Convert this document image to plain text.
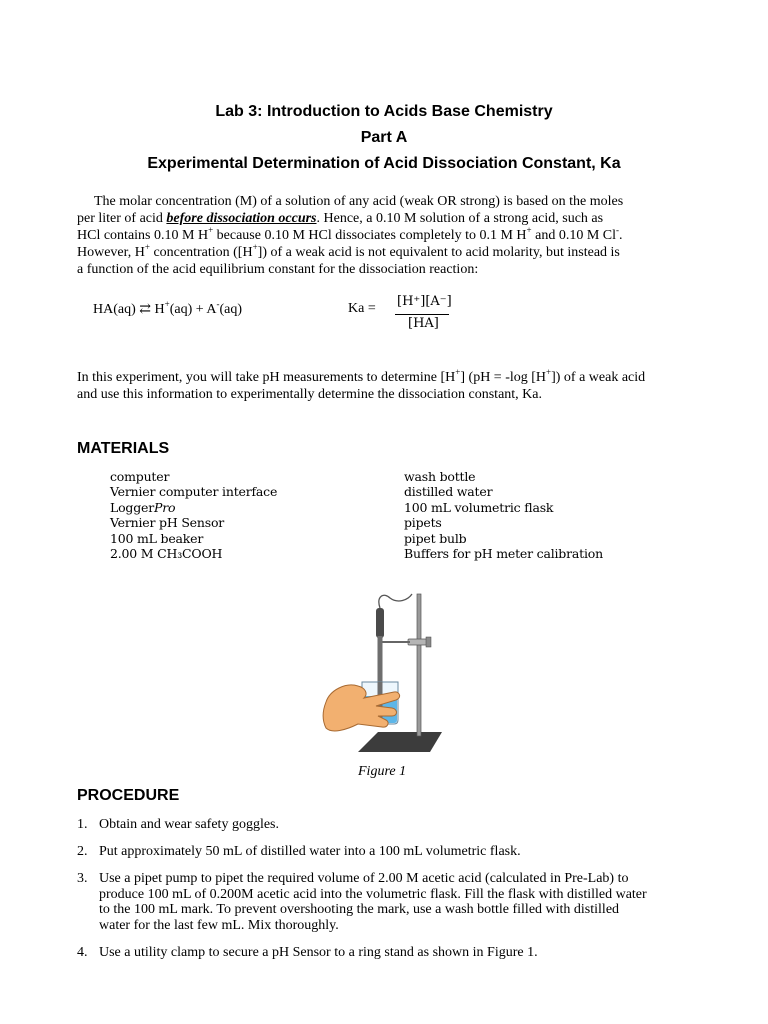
Lab 3: Introduction to Acids Base Chemistry
Part A
Experimental Determination of Acid Dissociation Constant, Ka
The molar concentration (M) of a solution of any acid (weak OR strong) is based on the moles
per liter of acid before dissociation occurs. Hence, a 0.10 M solution of a strong acid, such as
HCl contains 0.10 M H+ because 0.10 M HCl dissociates completely to 0.1 M H+ and 0.10 M Cl-.
However, H+ concentration ([H+]) of a weak acid is not equivalent to acid molarity, but instead is
a function of the acid equilibrium constant for the dissociation reaction:
HA(aq) ⇄ H+(aq) + A-(aq)	Ka = [H⁺][A⁻]
[HA]
In this experiment, you will take pH measurements to determine [H+] (pH = -log [H+]) of a weak acid
and use this information to experimentally determine the dissociation constant, Ka.
MATERIALS
computer
Vernier computer interface
LoggerPro
Vernier pH Sensor
100 mL beaker
2.00 M CH₃COOH
wash bottle
distilled water
100 mL volumetric flask
pipets
pipet bulb
Buffers for pH meter calibration
Figure 1
PROCEDURE
1. Obtain and wear safety goggles.
2. Put approximately 50 mL of distilled water into a 100 mL volumetric flask.
3. Use a pipet pump to pipet the required volume of 2.00 M acetic acid (calculated in Pre-Lab) to
produce 100 mL of 0.200M acetic acid into the volumetric flask. Fill the flask with distilled water
to the 100 mL mark. To prevent overshooting the mark, use a wash bottle filled with distilled
water for the last few mL. Mix thoroughly.
4. Use a utility clamp to secure a pH Sensor to a ring stand as shown in Figure 1.
